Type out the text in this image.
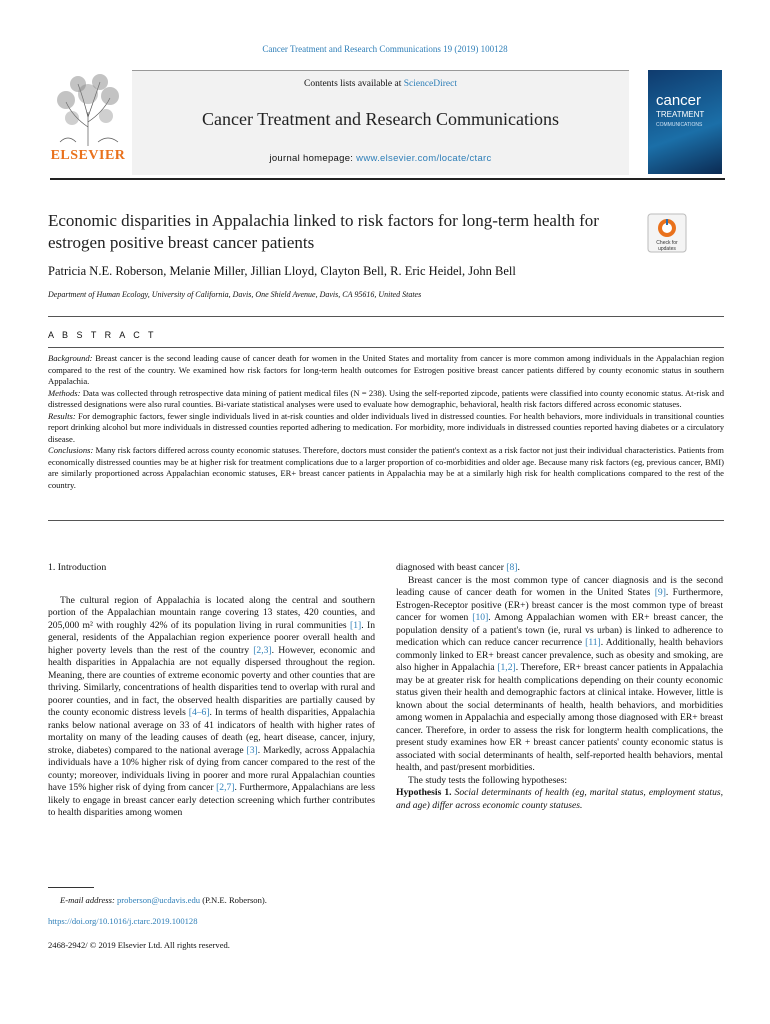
Cancer Treatment and Research Communications 19 (2019) 100128
ELSEVIER
Contents lists available at ScienceDirect
Cancer Treatment and Research Communications
journal homepage: www.elsevier.com/locate/ctarc
cancer
TREATMENT
COMMUNICATIONS
Economic disparities in Appalachia linked to risk factors for long-term health for estrogen positive breast cancer patients	Check for updates
Patricia N.E. Roberson, Melanie Miller, Jillian Lloyd, Clayton Bell, R. Eric Heidel, John Bell
Department of Human Ecology, University of California, Davis, One Shield Avenue, Davis, CA 95616, United States
A B S T R A C T

Background: Breast cancer is the second leading cause of cancer death for women in the United States and mortality from cancer is more common among individuals in the Appalachian region compared to the rest of the country. We examined how risk factors for long-term health outcomes for Estrogen positive breast cancer patients differed by county economic status in southern Appalachia.

Methods: Data was collected through retrospective data mining of patient medical files (N = 238). Using the self-reported zipcode, patients were classified into county economic status. At-risk and distressed designations were also rural counties. Bi-variate statistical analyses were used to evaluate how demographic, behavioral, health risk factors differed across economic statuses.

Results: For demographic factors, fewer single individuals lived in at-risk counties and older individuals lived in distressed counties. For health behaviors, more individuals in transitional counties report drinking alcohol but more individuals in distressed counties reported adhering to medication. For morbidity, more individuals in distressed counties reported having diabetes or a circulatory disease.

Conclusions: Many risk factors differed across county economic statuses. Therefore, doctors must consider the patient's context as a risk factor not just their individual characteristics. Patients from economically distressed counties may be at higher risk for treatment complications due to a larger proportion of co-morbidities and older age. Because many risk factors (eg, previous cancer, BMI) are similarly proportioned across Appalachian economic statuses, ER+ breast cancer patients in Appalachia may be at a similarly high risk for health complications compared to the rest of the country.

1. Introduction

The cultural region of Appalachia is located along the central and southern portion of the Appalachian mountain range covering 13 states, 420 counties, and 205,000 m² with roughly 42% of its population living in rural communities [1]. In general, residents of the Appalachian region experience poorer overall health and higher poverty levels than the rest of the country [2,3]. However, economic and health disparities in Appalachia are not equally dispersed throughout the region. Meaning, there are counties of extreme economic poverty and other counties that are thriving. Similarly, concentrations of health disparities tend to overlap with rural and poorer counties, and in fact, the observed health disparities are partially caused by the county economic distress levels [4–6]. In terms of health disparities, Appalachia ranks below national average on 33 of 41 indicators of health with higher rates of mortality on many of the leading causes of death (eg, heart disease, cancer, injury, stroke, diabetes) compared to the national average [3]. Markedly, across Appalachia individuals have a 10% higher risk of dying from cancer compared to the rest of the county; moreover, individuals living in poorer and more rural Appalachian counties have 15% higher risk of dying from cancer [2,7]. Furthermore, Appalachians are less likely to engage in breast cancer early detection screening which further contributes to health disparities among women

diagnosed with beast cancer [8].

Breast cancer is the most common type of cancer diagnosis and is the second leading cause of cancer death for women in the United States [9]. Furthermore, Estrogen-Receptor positive (ER+) breast cancer is the most common type of breast cancer for women [10]. Among Appalachian women with ER+ breast cancer, the population density of a patient's town (ie, rural vs urban) is linked to adherence to medication which can reduce cancer recurrence [11]. Additionally, health behaviors commonly linked to ER+ breast cancer prevalence, such as obesity and smoking, are also higher in Appalachia [1,2]. Therefore, ER+ breast cancer patients in Appalachia may be at greater risk for health complications depending on their county economic status given their health and demographic factors at clinical intake. However, little is known about the social determinants of health, health behaviors, and morbidities among women in Appalachia and especially among those diagnosed with ER+ breast cancer. Therefore, in order to assess the risk for longterm health complications, the present study examines how ER + breast cancer patients' county economic status is associated with social determinants of health, self-reported health behaviors, mental health, and past/present morbidities.

The study tests the following hypotheses:

Hypothesis 1. Social determinants of health (eg, marital status, employment status, and age) differ across economic county statuses.

E-mail address: proberson@ucdavis.edu (P.N.E. Roberson).
https://doi.org/10.1016/j.ctarc.2019.100128
2468-2942/ © 2019 Elsevier Ltd. All rights reserved.
